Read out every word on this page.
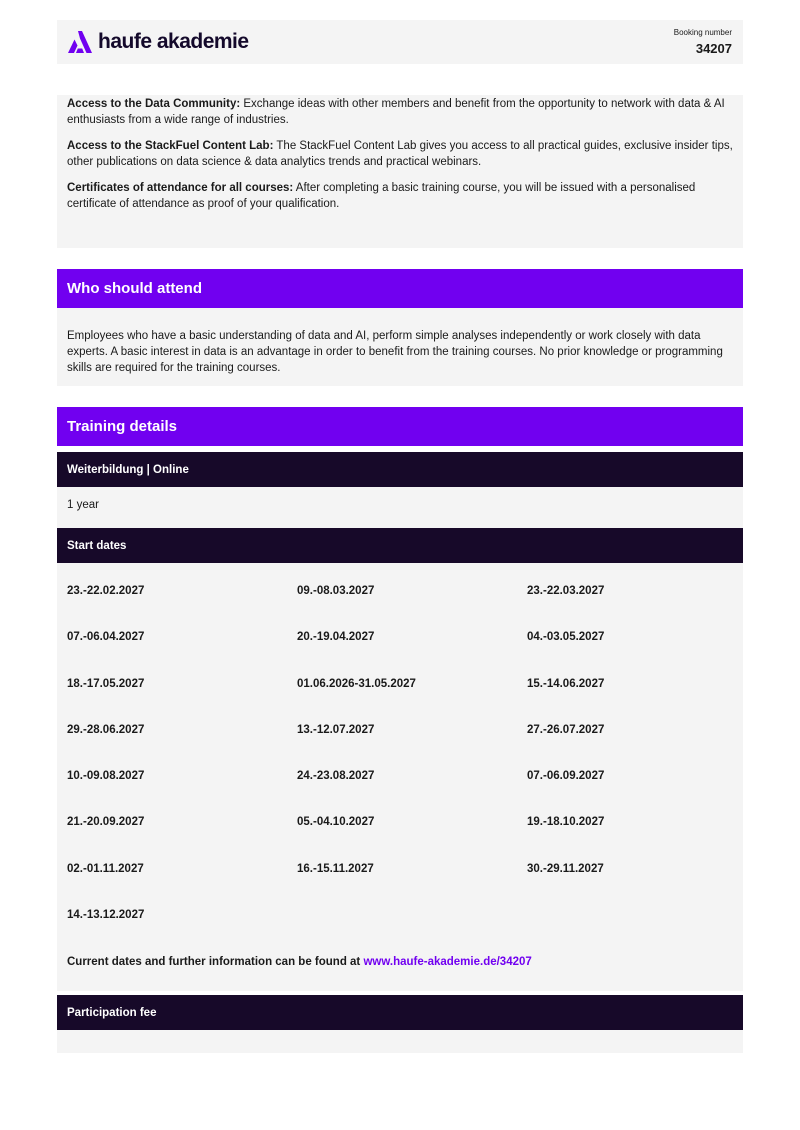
haufe akademie	Booking number
34207

Access to the Data Community: Exchange ideas with other members and benefit from the opportunity to network with data & AI enthusiasts from a wide range of industries.

Access to the StackFuel Content Lab: The StackFuel Content Lab gives you access to all practical guides, exclusive insider tips, other publications on data science & data analytics trends and practical webinars.

Certificates of attendance for all courses: After completing a basic training course, you will be issued with a personalised certificate of attendance as proof of your qualification.

Who should attend

Employees who have a basic understanding of data and AI, perform simple analyses independently or work closely with data experts. A basic interest in data is an advantage in order to benefit from the training courses. No prior knowledge or programming skills are required for the training courses.

Training details
Weiterbildung | Online
1 year
Start dates
23.-22.02.2027	09.-08.03.2027	23.-22.03.2027
07.-06.04.2027	20.-19.04.2027	04.-03.05.2027
18.-17.05.2027	01.06.2026-31.05.2027	15.-14.06.2027
29.-28.06.2027	13.-12.07.2027	27.-26.07.2027
10.-09.08.2027	24.-23.08.2027	07.-06.09.2027
21.-20.09.2027	05.-04.10.2027	19.-18.10.2027
02.-01.11.2027	16.-15.11.2027	30.-29.11.2027
14.-13.12.2027
Current dates and further information can be found at www.haufe-akademie.de/34207
Participation fee
